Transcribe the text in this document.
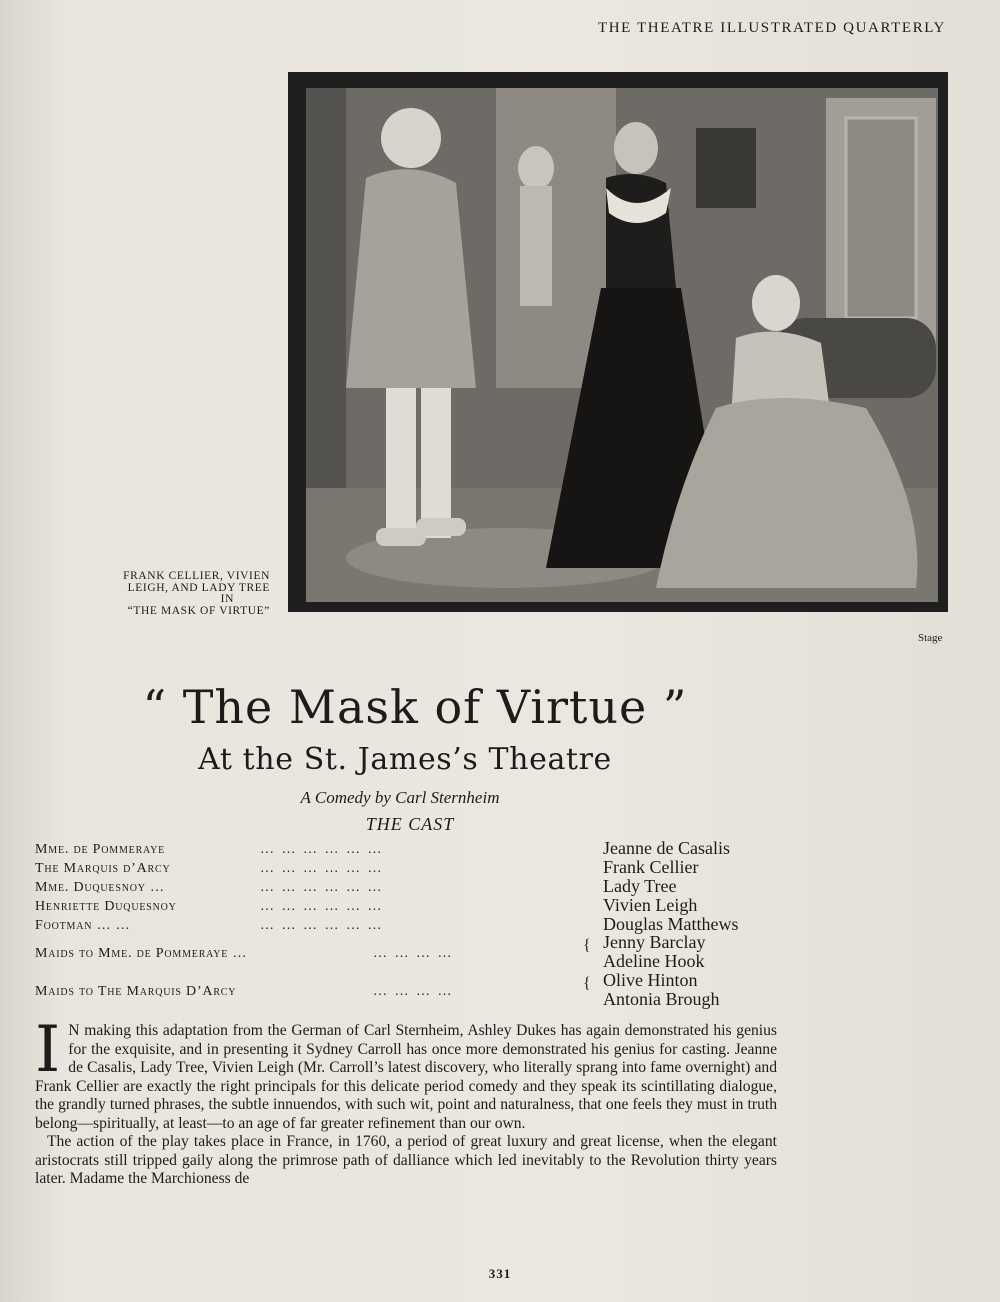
THE THEATRE ILLUSTRATED QUARTERLY
FRANK CELLIER, VIVIEN
LEIGH, AND LADY TREE
IN
“THE MASK OF VIRTUE”
Stage
“ The Mask of Virtue ”
At the St. James’s Theatre
A Comedy by Carl Sternheim
THE CAST
Mme. de Pommeraye	… … … … … …	Jeanne de Casalis
The Marquis d’Arcy	… … … … … …	Frank Cellier
Mme. Duquesnoy …	… … … … … …	Lady Tree
Henriette Duquesnoy	… … … … … …	Vivien Leigh
Footman … …	… … … … … …	Douglas Matthews
Maids to Mme. de Pommeraye …	… … … …	{ Jenny Barclay
Adeline Hook
Maids to The Marquis D’Arcy	… … … …	{ Olive Hinton
Antonia Brough

I N making this adaptation from the German of Carl Sternheim, Ashley Dukes has again demonstrated his genius for the exquisite, and in presenting it Sydney Carroll has once more demonstrated his genius for casting. Jeanne de Casalis, Lady Tree, Vivien Leigh (Mr. Carroll’s latest discovery, who literally sprang into fame overnight) and Frank Cellier are exactly the right principals for this delicate period comedy and they speak its scintillating dialogue, the grandly turned phrases, the subtle innuendos, with such wit, point and naturalness, that one feels they must in truth belong—spiritually, at least—to an age of far greater refinement than our own.

The action of the play takes place in France, in 1760, a period of great luxury and great license, when the elegant aristocrats still tripped gaily along the primrose path of dalliance which led inevitably to the Revolution thirty years later. Madame the Marchioness de

331
